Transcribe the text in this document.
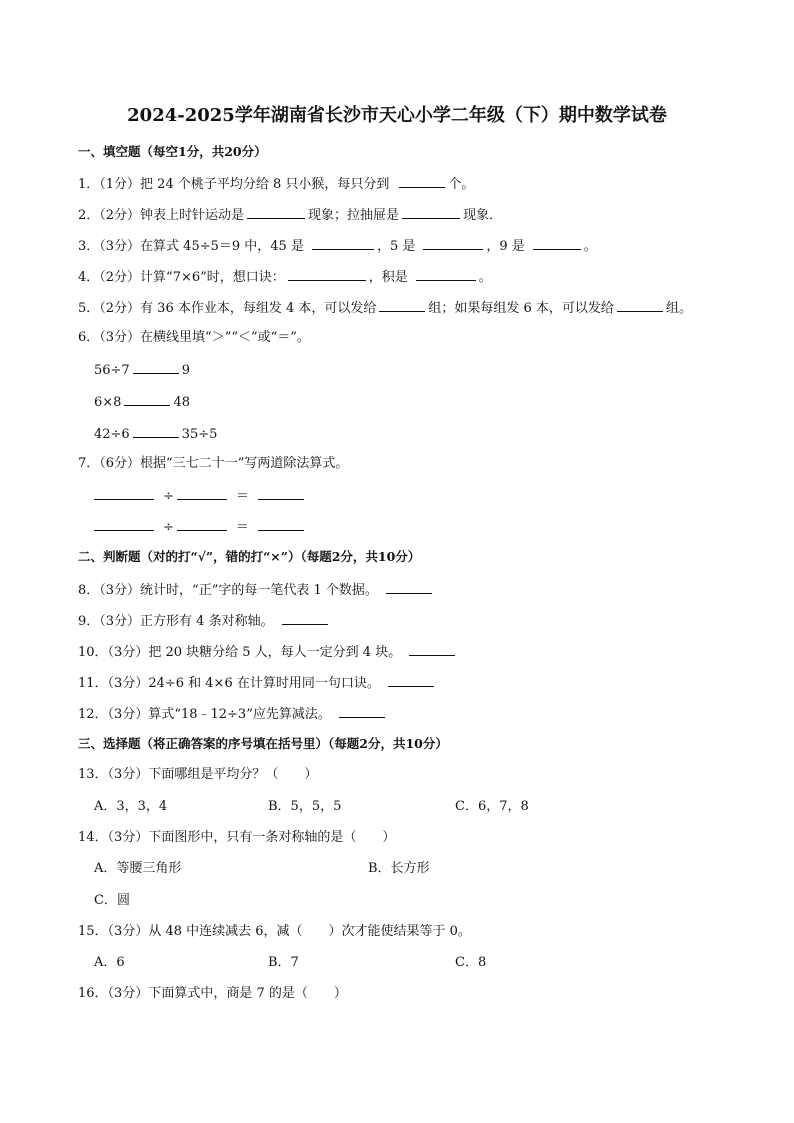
2024-2025学年湖南省长沙市天心小学二年级（下）期中数学试卷
一、填空题（每空1分，共20分）
1．（1分）把 24 个桃子平均分给 8 只小猴，每只分到	个。
2．（2分）钟表上时针运动是	现象；拉抽屉是	现象．
3．（3分）在算式 45÷5＝9 中，45 是	，5 是	，9 是	。
4．（2分）计算“7×6”时，想口诀：	，积是	。
5．（2分）有 36 本作业本，每组发 4 本，可以发给	组；如果每组发 6 本，可以发给	组。
6．（3分）在横线里填“＞”“＜”或“＝”。
56÷7	9
6×8	48
42÷6	35÷5
7．（6分）根据“三七二十一”写两道除法算式。
÷	＝
÷	＝
二、判断题（对的打“√”，错的打“×”）（每题2分，共10分）
8．（3分）统计时，“正”字的每一笔代表 1 个数据。
9．（3分）正方形有 4 条对称轴。
10．（3分）把 20 块糖分给 5 人，每人一定分到 4 块。
11．（3分）24÷6 和 4×6 在计算时用同一句口诀。
12．（3分）算式“18﹣12÷3”应先算减法。
三、选择题（将正确答案的序号填在括号里）（每题2分，共10分）
13．（3分）下面哪组是平均分？（　　）
A．3，3，4	B．5，5，5	C．6，7，8
14．（3分）下面图形中，只有一条对称轴的是（　　）
A．等腰三角形	B．长方形
C．圆
15．（3分）从 48 中连续减去 6，减（　　）次才能使结果等于 0。
A．6	B．7	C．8
16．（3分）下面算式中，商是 7 的是（　　）
